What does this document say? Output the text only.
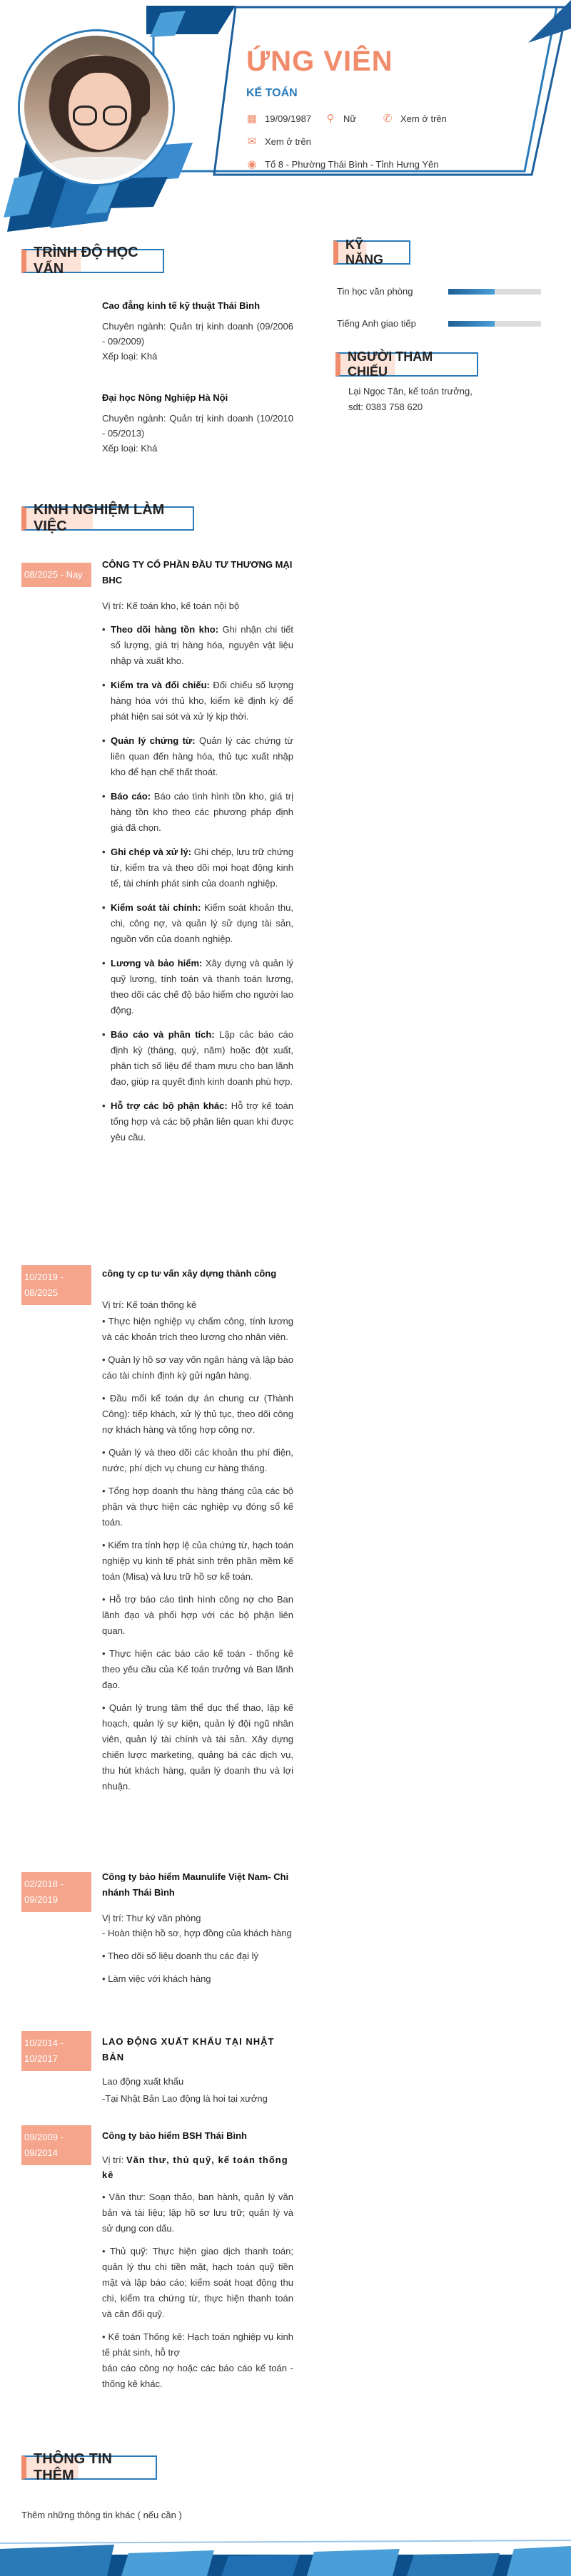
ỨNG VIÊN
KẾ TOÁN
▦ 19/09/1987 ⚲ Nữ	✆ Xem ở trên
✉ Xem ở trên
◉ Tổ 8 - Phường Thái Bình - Tỉnh Hưng Yên
TRÌNH ĐỘ HỌC VẤN
Cao đẳng kinh tế kỹ thuật Thái Bình
Chuyên ngành: Quản trị kinh doanh (09/2006 - 09/2009)
Xếp loại: Khá
Đại học Nông Nghiệp Hà Nội
Chuyên ngành: Quản trị kinh doanh (10/2010 - 05/2013)
Xếp loại: Khá
KỸ NĂNG
Tin học văn phòng
Tiếng Anh giao tiếp
NGƯỜI THAM CHIẾU
Lại Ngọc Tân, kế toán trưởng,
sdt: 0383 758 620
KINH NGHIỆM LÀM VIỆC
08/2025 - Nay
CÔNG TY CỔ PHẦN ĐẦU TƯ THƯƠNG MẠI BHC
Vị trí: Kế toán kho, kế toán nội bộ
• Theo dõi hàng tồn kho: Ghi nhận chi tiết số lượng, giá trị hàng hóa, nguyên vật liệu nhập và xuất kho.
• Kiểm tra và đối chiếu: Đối chiếu số lượng hàng hóa với thủ kho, kiểm kê định kỳ để phát hiện sai sót và xử lý kịp thời.
• Quản lý chứng từ: Quản lý các chứng từ liên quan đến hàng hóa, thủ tục xuất nhập kho để hạn chế thất thoát.
• Báo cáo: Báo cáo tình hình tồn kho, giá trị hàng tồn kho theo các phương pháp định giá đã chọn.
• Ghi chép và xử lý: Ghi chép, lưu trữ chứng từ, kiểm tra và theo dõi mọi hoạt động kinh tế, tài chính phát sinh của doanh nghiệp.
• Kiểm soát tài chính: Kiểm soát khoản thu, chi, công nợ, và quản lý sử dụng tài sản, nguồn vốn của doanh nghiệp.
• Lương và bảo hiểm: Xây dựng và quản lý quỹ lương, tính toán và thanh toán lương, theo dõi các chế độ bảo hiểm cho người lao động.
• Báo cáo và phân tích: Lập các báo cáo định kỳ (tháng, quý, năm) hoặc đột xuất, phân tích số liệu để tham mưu cho ban lãnh đạo, giúp ra quyết định kinh doanh phù hợp.
• Hỗ trợ các bộ phận khác: Hỗ trợ kế toán tổng hợp và các bộ phận liên quan khi được yêu cầu.
10/2019 - 08/2025
công ty cp tư vấn xây dựng thành công
Vị trí: Kế toán thống kê

• Thực hiện nghiệp vụ chấm công, tính lương và các khoản trích theo lương cho nhân viên.

• Quản lý hồ sơ vay vốn ngân hàng và lập báo cáo tài chính định kỳ gửi ngân hàng.

• Đầu mối kế toán dự án chung cư (Thành Công): tiếp khách, xử lý thủ tục, theo dõi công nợ khách hàng và tổng hợp công nợ.

• Quản lý và theo dõi các khoản thu phí điện, nước, phí dịch vụ chung cư hàng tháng.

• Tổng hợp doanh thu hàng tháng của các bộ phận và thực hiện các nghiệp vụ đóng sổ kế toán.

• Kiểm tra tính hợp lệ của chứng từ, hạch toán nghiệp vụ kinh tế phát sinh trên phần mềm kế toán (Misa) và lưu trữ hồ sơ kế toán.

• Hỗ trợ báo cáo tình hình công nợ cho Ban lãnh đạo và phối hợp với các bộ phận liên quan.

• Thực hiện các báo cáo kế toán - thống kê theo yêu cầu của Kế toán trưởng và Ban lãnh đạo.

• Quản lý trung tâm thể dục thể thao, lập kế hoạch, quản lý sự kiện, quản lý đội ngũ nhân viên, quản lý tài chính và tài sản. Xây dựng chiến lược marketing, quảng bá các dịch vụ, thu hút khách hàng, quản lý doanh thu và lợi nhuận.

02/2018 - 09/2019
Công ty bảo hiểm Maunulife Việt Nam- Chi nhánh Thái Bình
Vị trí: Thư ký văn phòng

- Hoàn thiện hồ sơ, hợp đồng của khách hàng

• Theo dõi số liệu doanh thu các đại lý

• Làm việc với khách hàng

10/2014 - 10/2017
LAO ĐỘNG XUẤT KHẨU TẠI NHẬT BẢN

Lao động xuất khẩu

-Tại Nhật Bản Lao động là hoi tại xưởng

09/2009 - 09/2014
Công ty bảo hiểm BSH Thái Bình
Vị trí: Văn thư, thủ quỹ, kế toán thống kê

• Văn thư: Soạn thảo, ban hành, quản lý văn bản và tài liệu; lập hồ sơ lưu trữ; quản lý và sử dụng con dấu.

• Thủ quỹ: Thực hiện giao dịch thanh toán; quản lý thu chi tiền mặt, hạch toán quỹ tiền mặt và lập báo cáo; kiểm soát hoạt động thu chi, kiểm tra chứng từ, thực hiện thanh toán và cân đối quỹ.

• Kế toán Thống kê: Hạch toán nghiệp vụ kinh tế phát sinh, hỗ trợ

báo cáo công nợ hoặc các báo cáo kế toán - thống kê khác.

THÔNG TIN THÊM
Thêm những thông tin khác ( nếu cần )
